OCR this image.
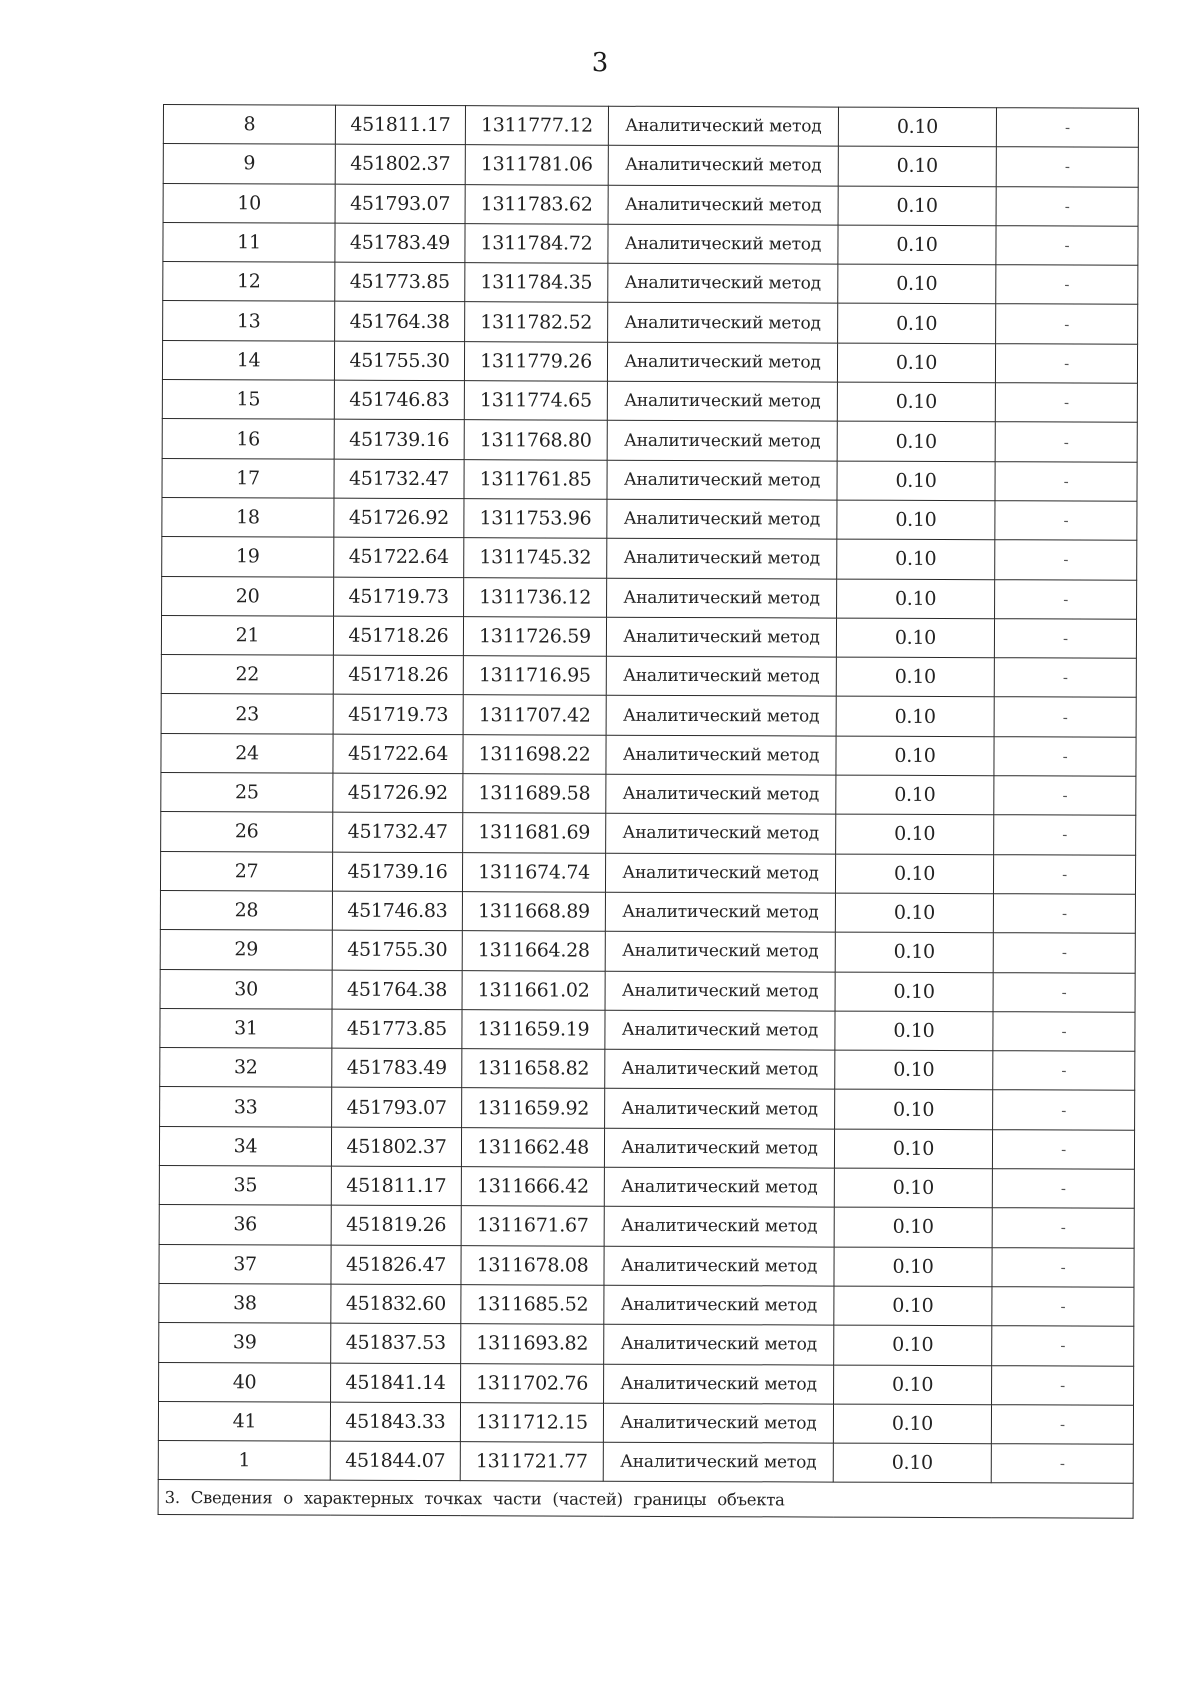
3
8	451811.17	1311777.12	Аналитический метод	0.10	-
9	451802.37	1311781.06	Аналитический метод	0.10	-
10	451793.07	1311783.62	Аналитический метод	0.10	-
11	451783.49	1311784.72	Аналитический метод	0.10	-
12	451773.85	1311784.35	Аналитический метод	0.10	-
13	451764.38	1311782.52	Аналитический метод	0.10	-
14	451755.30	1311779.26	Аналитический метод	0.10	-
15	451746.83	1311774.65	Аналитический метод	0.10	-
16	451739.16	1311768.80	Аналитический метод	0.10	-
17	451732.47	1311761.85	Аналитический метод	0.10	-
18	451726.92	1311753.96	Аналитический метод	0.10	-
19	451722.64	1311745.32	Аналитический метод	0.10	-
20	451719.73	1311736.12	Аналитический метод	0.10	-
21	451718.26	1311726.59	Аналитический метод	0.10	-
22	451718.26	1311716.95	Аналитический метод	0.10	-
23	451719.73	1311707.42	Аналитический метод	0.10	-
24	451722.64	1311698.22	Аналитический метод	0.10	-
25	451726.92	1311689.58	Аналитический метод	0.10	-
26	451732.47	1311681.69	Аналитический метод	0.10	-
27	451739.16	1311674.74	Аналитический метод	0.10	-
28	451746.83	1311668.89	Аналитический метод	0.10	-
29	451755.30	1311664.28	Аналитический метод	0.10	-
30	451764.38	1311661.02	Аналитический метод	0.10	-
31	451773.85	1311659.19	Аналитический метод	0.10	-
32	451783.49	1311658.82	Аналитический метод	0.10	-
33	451793.07	1311659.92	Аналитический метод	0.10	-
34	451802.37	1311662.48	Аналитический метод	0.10	-
35	451811.17	1311666.42	Аналитический метод	0.10	-
36	451819.26	1311671.67	Аналитический метод	0.10	-
37	451826.47	1311678.08	Аналитический метод	0.10	-
38	451832.60	1311685.52	Аналитический метод	0.10	-
39	451837.53	1311693.82	Аналитический метод	0.10	-
40	451841.14	1311702.76	Аналитический метод	0.10	-
41	451843.33	1311712.15	Аналитический метод	0.10	-
1	451844.07	1311721.77	Аналитический метод	0.10	-
3. Сведения о характерных точках части (частей) границы объекта					
